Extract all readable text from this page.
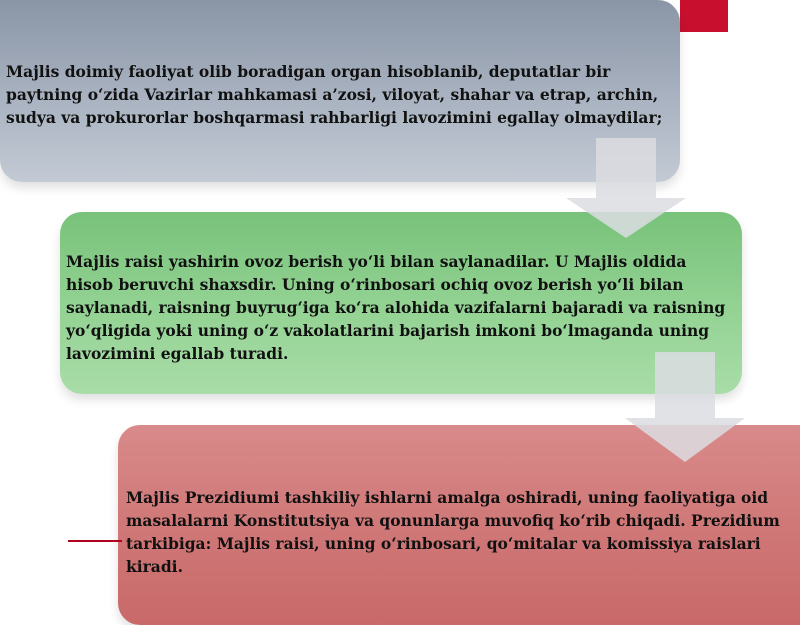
Majlis doimiy faoliyat olib boradigan organ hisoblanib, deputatlar bir paytning o‘zida Vazirlar mahkamasi a’zosi, viloyat, shahar va etrap, archin, sudya va prokurorlar boshqarmasi rahbarligi lavozimini egallay olmaydilar;

Majlis raisi yashirin ovoz berish yo‘li bilan saylanadilar. U Majlis oldida hisob beruvchi shaxsdir. Uning o‘rinbosari ochiq ovoz berish yo‘li bilan saylanadi, raisning buyrug‘iga ko‘ra alohida vazifalarni bajaradi va raisning yo‘qligida yoki uning o‘z vakolatlarini bajarish imkoni bo‘lmaganda uning lavozimini egallab turadi.

Majlis Prezidiumi tashkiliy ishlarni amalga oshiradi, uning faoliyatiga oid masalalarni Konstitutsiya va qonunlarga muvofiq ko‘rib chiqadi. Prezidium tarkibiga: Majlis raisi, uning o‘rinbosari, qo‘mitalar va komissiya raislari kiradi.
